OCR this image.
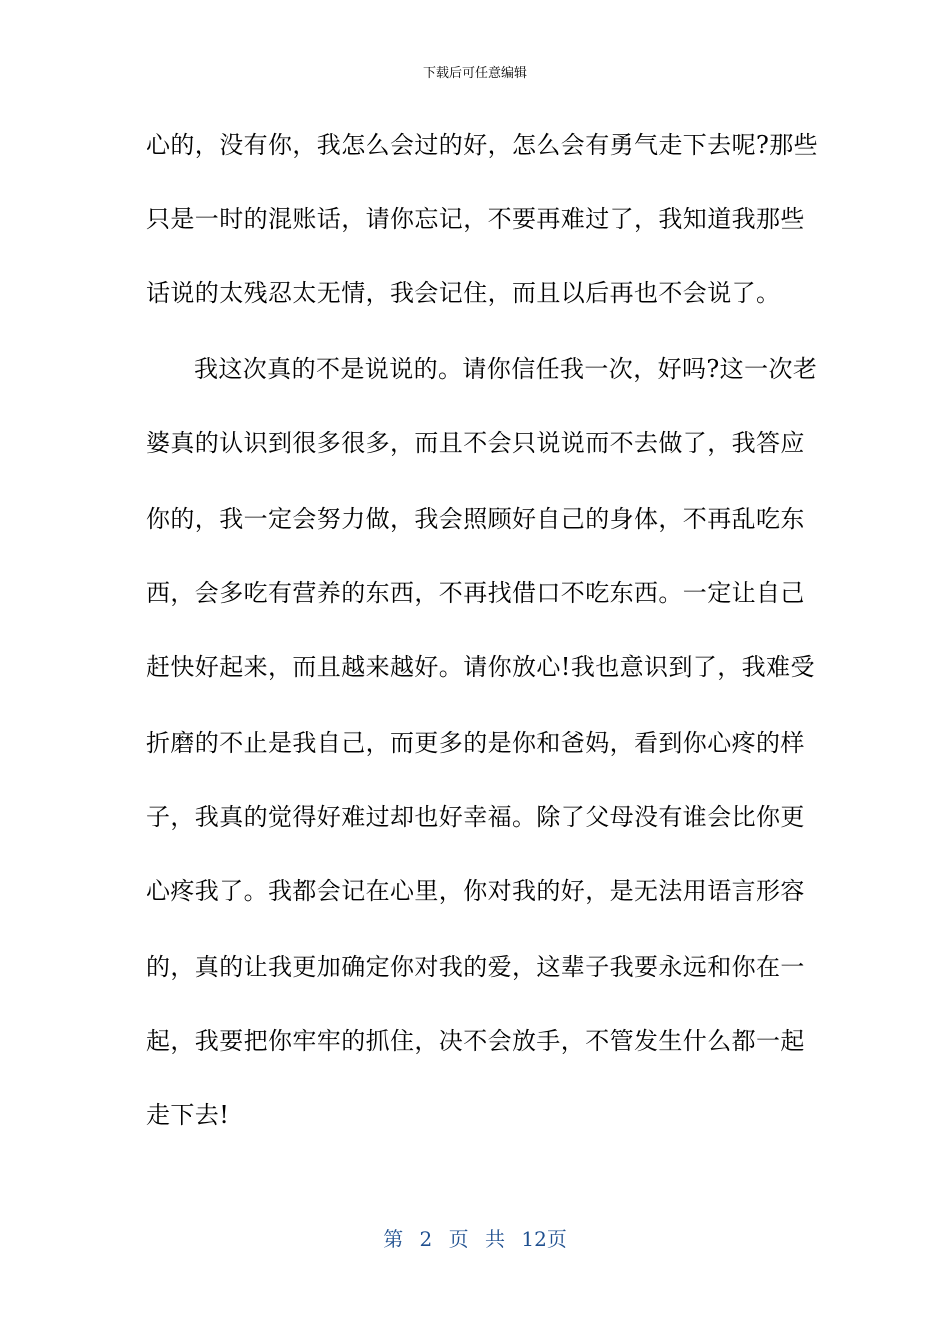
下载后可任意编辑
心的，没有你，我怎么会过的好，怎么会有勇气走下去呢?那些
只是一时的混账话，请你忘记，不要再难过了，我知道我那些
话说的太残忍太无情，我会记住，而且以后再也不会说了。
我这次真的不是说说的。请你信任我一次，好吗?这一次老
婆真的认识到很多很多，而且不会只说说而不去做了，我答应
你的，我一定会努力做，我会照顾好自己的身体，不再乱吃东
西，会多吃有营养的东西，不再找借口不吃东西。一定让自己
赶快好起来，而且越来越好。请你放心!我也意识到了，我难受
折磨的不止是我自己，而更多的是你和爸妈，看到你心疼的样
子，我真的觉得好难过却也好幸福。除了父母没有谁会比你更
心疼我了。我都会记在心里，你对我的好，是无法用语言形容
的，真的让我更加确定你对我的爱，这辈子我要永远和你在一
起，我要把你牢牢的抓住，决不会放手，不管发生什么都一起
走下去!
第 2 页 共 12页
